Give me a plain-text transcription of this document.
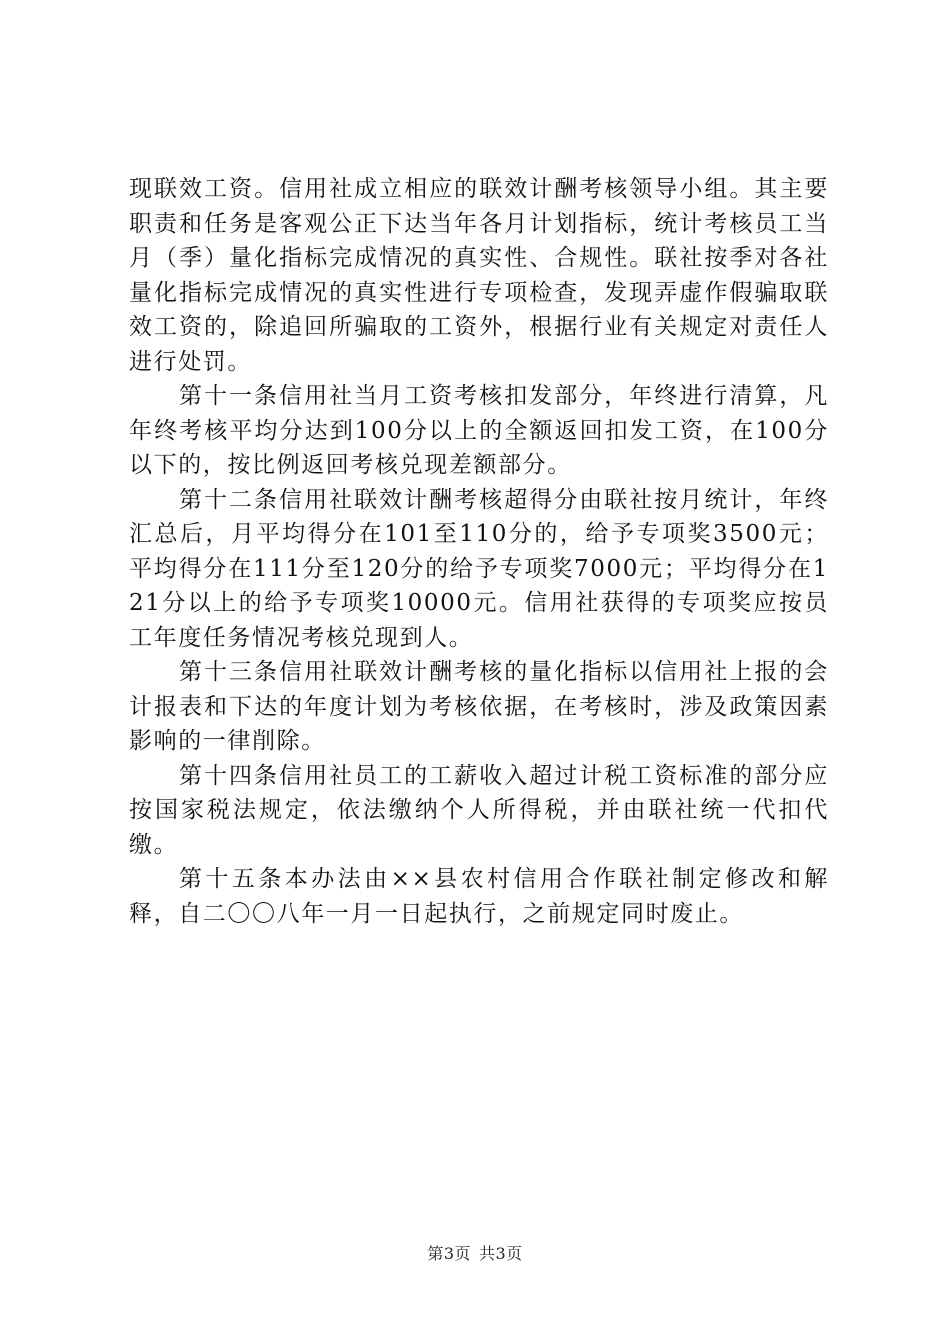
现联效工资。信用社成立相应的联效计酬考核领导小组。其主要职责和任务是客观公正下达当年各月计划指标，统计考核员工当月（季）量化指标完成情况的真实性、合规性。联社按季对各社量化指标完成情况的真实性进行专项检查，发现弄虚作假骗取联效工资的，除追回所骗取的工资外，根据行业有关规定对责任人进行处罚。

第十一条信用社当月工资考核扣发部分，年终进行清算，凡年终考核平均分达到100分以上的全额返回扣发工资，在100分以下的，按比例返回考核兑现差额部分。

第十二条信用社联效计酬考核超得分由联社按月统计，年终汇总后，月平均得分在101至110分的，给予专项奖3500元；平均得分在111分至120分的给予专项奖7000元；平均得分在121分以上的给予专项奖10000元。信用社获得的专项奖应按员工年度任务情况考核兑现到人。

第十三条信用社联效计酬考核的量化指标以信用社上报的会计报表和下达的年度计划为考核依据，在考核时，涉及政策因素影响的一律削除。

第十四条信用社员工的工薪收入超过计税工资标准的部分应按国家税法规定，依法缴纳个人所得税，并由联社统一代扣代缴。

第十五条本办法由××县农村信用合作联社制定修改和解释，自二〇〇八年一月一日起执行，之前规定同时废止。

第3页 共3页
